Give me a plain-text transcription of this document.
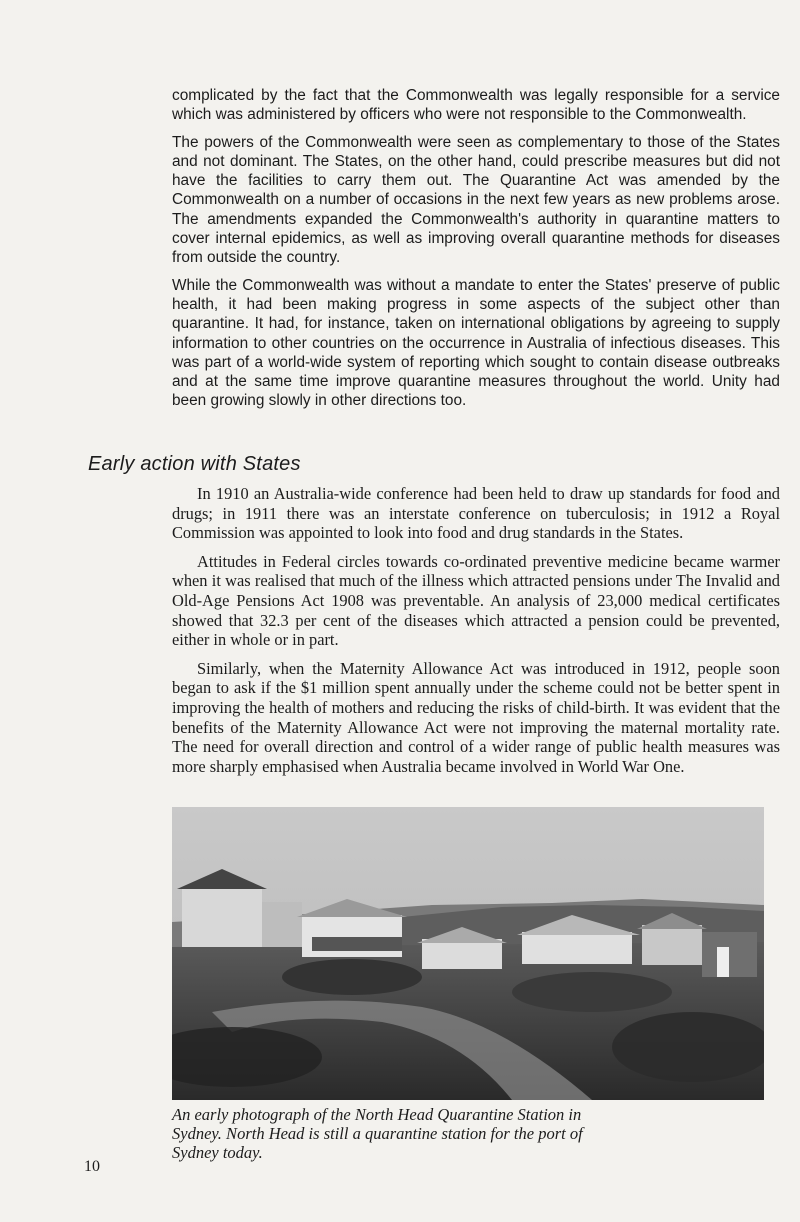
complicated by the fact that the Commonwealth was legally responsible for a service which was administered by officers who were not responsible to the Commonwealth.

The powers of the Commonwealth were seen as complementary to those of the States and not dominant. The States, on the other hand, could prescribe measures but did not have the facilities to carry them out. The Quarantine Act was amended by the Commonwealth on a number of occasions in the next few years as new problems arose. The amendments expanded the Commonwealth's authority in quarantine matters to cover internal epidemics, as well as improving overall quarantine methods for diseases from outside the country.

While the Commonwealth was without a mandate to enter the States' preserve of public health, it had been making progress in some aspects of the subject other than quarantine. It had, for instance, taken on international obligations by agreeing to supply information to other countries on the occurrence in Australia of infectious diseases. This was part of a world-wide system of reporting which sought to contain disease outbreaks and at the same time improve quarantine measures throughout the world. Unity had been growing slowly in other directions too.

Early action with States

In 1910 an Australia-wide conference had been held to draw up standards for food and drugs; in 1911 there was an interstate conference on tuberculosis; in 1912 a Royal Commission was appointed to look into food and drug standards in the States.

Attitudes in Federal circles towards co-ordinated preventive medicine became warmer when it was realised that much of the illness which attracted pensions under The Invalid and Old-Age Pensions Act 1908 was preventable. An analysis of 23,000 medical certificates showed that 32.3 per cent of the diseases which attracted a pension could be prevented, either in whole or in part.

Similarly, when the Maternity Allowance Act was introduced in 1912, people soon began to ask if the $1 million spent annually under the scheme could not be better spent in improving the health of mothers and reducing the risks of child-birth. It was evident that the benefits of the Maternity Allowance Act were not improving the maternal mortality rate. The need for overall direction and control of a wider range of public health measures was more sharply emphasised when Australia became involved in World War One.

An early photograph of the North Head Quarantine Station in Sydney. North Head is still a quarantine station for the port of Sydney today.
10
